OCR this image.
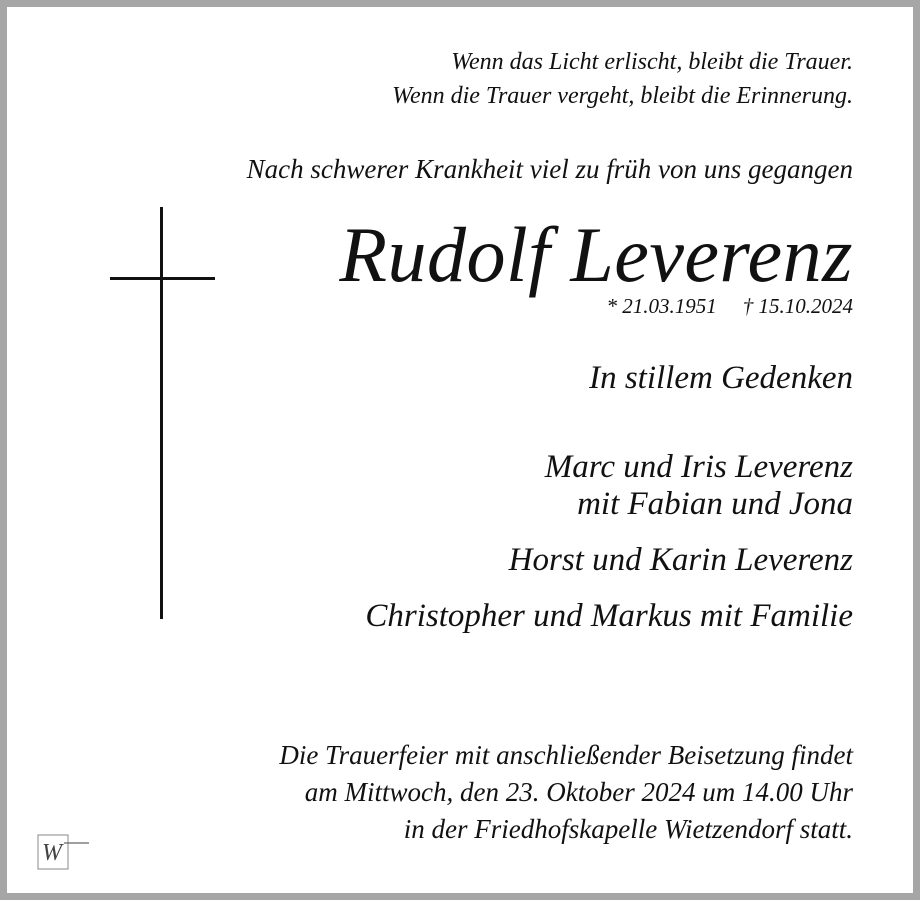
Wenn das Licht erlischt, bleibt die Trauer.
Wenn die Trauer vergeht, bleibt die Erinnerung.
Nach schwerer Krankheit viel zu früh von uns gegangen
Rudolf Leverenz
* 21.03.1951 † 15.10.2024
In stillem Gedenken
Marc und Iris Leverenz
mit Fabian und Jona
Horst und Karin Leverenz
Christopher und Markus mit Familie
Die Trauerfeier mit anschließender Beisetzung findet
am Mittwoch, den 23. Oktober 2024 um 14.00 Uhr
in der Friedhofskapelle Wietzendorf statt.
W
